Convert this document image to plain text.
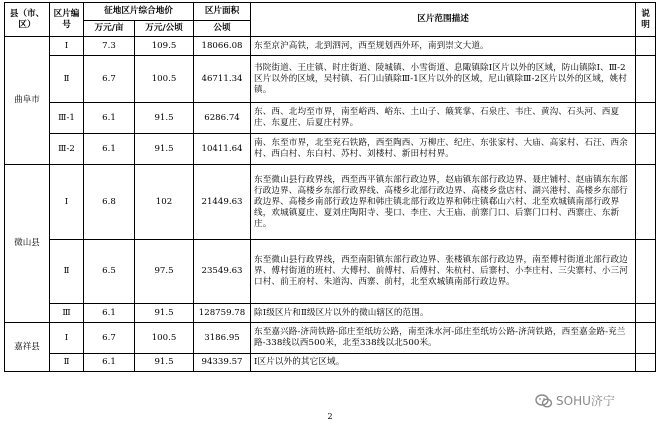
县（市、区）	区片编号	征地区片综合地价		区片面积	区片范围描述	说明
		万元/亩	万元/公顷	公顷		
曲阜市	Ⅰ	7.3	109.5	18066.08	东至京沪高铁，北到泗河，西至规划西外环，南到崇文大道。	
	Ⅱ	6.7	100.5	46711.34	书院街道、王庄镇、时庄街道、陵城镇、小雪街道、息陬镇除Ⅰ区片以外的区域，防山镇除Ⅰ、Ⅲ-2区片以外的区域，吴村镇、石门山镇除Ⅲ-1区片以外的区域，尼山镇除Ⅲ-2区片以外的区域，姚村镇。	
	Ⅲ-1	6.1	91.5	6286.74	东、西、北均至市界，南至峪西、峪东、土山子、簸箕掌、石泉庄、韦庄、黄沟、石头河、西夏庄、东夏庄、后夏庄村界。	
	Ⅲ-2	6.1	91.5	10411.64	南、东至市界，北至兖石铁路，西至陶西、万柳庄、纪庄、东张家村、大庙、高家村、石汪、西余村、西白村、东白村、苏村、刘楼村、新田村村界。	
微山县	Ⅰ	6.8	102	21449.63	东至微山县行政界线，西至西平镇东部行政边界，赵庙镇东部行政边界、聂庄铺村、赵庙镇东东部行政边界、高楼乡东部行政界线、高楼乡北部行政边界、高楼乡盘店村、湖兴港村、高楼乡东部行政边界、高楼乡南部行政边界和韩庄镇北部行政边界和韩庄镇郗山六村、北至欢城镇南部行政界线，欢城镇夏庄、夏刘庄陶阳寺、斐口、李庄、大王庙、前寨门口、后寨门口村、西寨庄、东新庄。	
	Ⅱ	6.5	97.5	23549.63	东至微山县行政界线，西至南阳镇东部行政边界、张楼镇东部行政边界，南至傅村街道北部行政边界、傅村街道的班村、大傅村、前傅村、后傅村、朱杭村、后寨村、小李庄村、三尖寨村、小三河口村、前王府村、朱道沟、西寨、前村，北至欢城镇南部行政边界。	
	Ⅲ	6.1	91.5	128759.78	除Ⅰ级区片和Ⅱ级区片以外的微山辖区的范围。	
嘉祥县	Ⅰ	6.7	100.5	3186.95	东至嘉兴路-济菏铁路-邱庄至纸坊公路，南至洙水河-邱庄至纸坊公路-济菏铁路，西至嘉金路-兖兰路-338线以西500米，北至338线以北500米。	
	Ⅱ	6.1	91.5	94339.57	Ⅰ区片以外的其它区域。	
SOHU济宁
2
